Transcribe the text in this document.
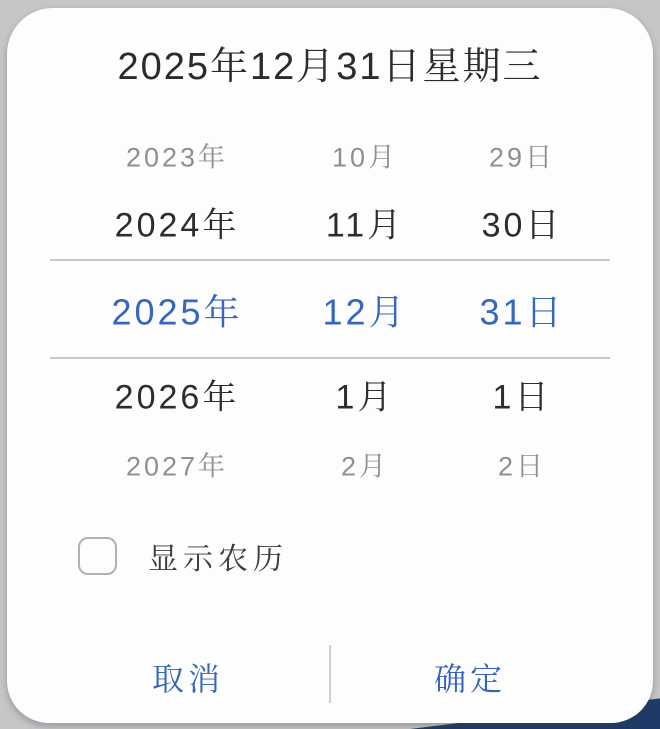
2025年12月31日星期三
2023年	10月	29日
2024年	11月 30日
2025年 12月 31日
2026年	1月	1日
2027年	2月	2日
显示农历
取消	确定
